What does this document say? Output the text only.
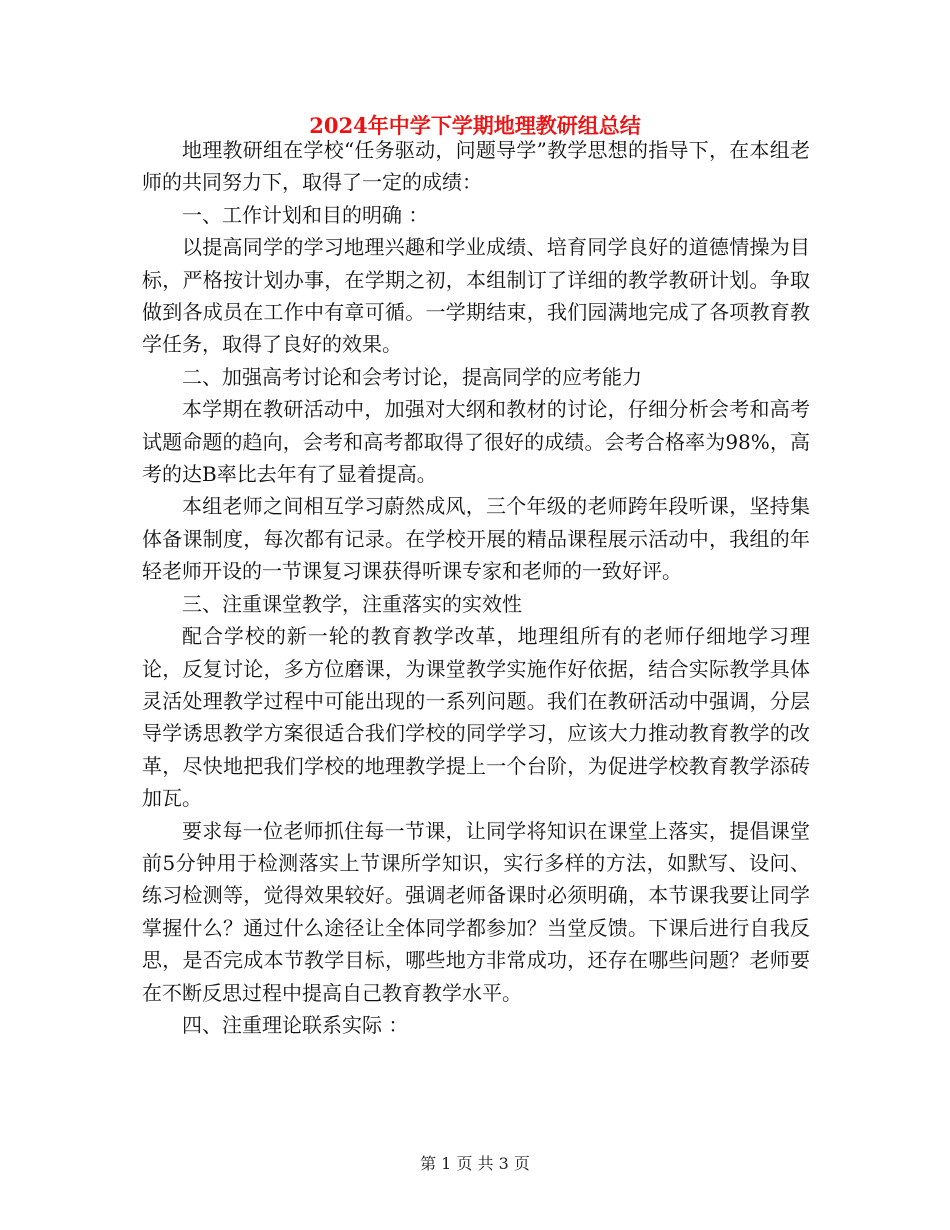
2024年中学下学期地理教研组总结

地理教研组在学校“任务驱动，问题导学”教学思想的指导下，在本组老师的共同努力下，取得了一定的成绩：

一、工作计划和目的明确 ：

以提高同学的学习地理兴趣和学业成绩、培育同学良好的道德情操为目标，严格按计划办事，在学期之初，本组制订了详细的教学教研计划。争取做到各成员在工作中有章可循。一学期结束，我们园满地完成了各项教育教学任务，取得了良好的效果。

二、加强高考讨论和会考讨论，提高同学的应考能力

本学期在教研活动中，加强对大纲和教材的讨论，仔细分析会考和高考试题命题的趋向，会考和高考都取得了很好的成绩。会考合格率为98%，高考的达B率比去年有了显着提高。

本组老师之间相互学习蔚然成风，三个年级的老师跨年段听课，坚持集体备课制度，每次都有记录。在学校开展的精品课程展示活动中，我组的年轻老师开设的一节课复习课获得听课专家和老师的一致好评。

三、注重课堂教学，注重落实的实效性

配合学校的新一轮的教育教学改革，地理组所有的老师仔细地学习理论，反复讨论，多方位磨课，为课堂教学实施作好依据，结合实际教学具体灵活处理教学过程中可能出现的一系列问题。我们在教研活动中强调，分层导学诱思教学方案很适合我们学校的同学学习，应该大力推动教育教学的改革，尽快地把我们学校的地理教学提上一个台阶，为促进学校教育教学添砖加瓦。

要求每一位老师抓住每一节课，让同学将知识在课堂上落实，提倡课堂前5分钟用于检测落实上节课所学知识，实行多样的方法，如默写、设问、练习检测等，觉得效果较好。强调老师备课时必须明确，本节课我要让同学掌握什么？通过什么途径让全体同学都参加？当堂反馈。下课后进行自我反思，是否完成本节教学目标，哪些地方非常成功，还存在哪些问题？老师要在不断反思过程中提高自己教育教学水平。

四、注重理论联系实际 ：

第 1 页 共 3 页
